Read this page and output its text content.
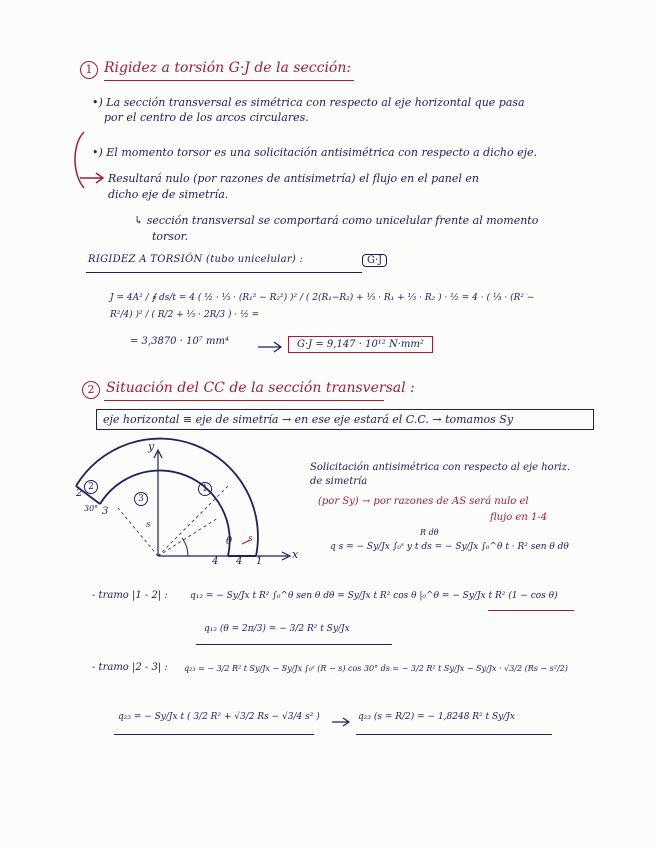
1 Rigidez a torsión G·J de la sección:
•) La sección transversal es simétrica con respecto al eje horizontal que pasa
por el centro de los arcos circulares.
•) El momento torsor es una solicitación antisimétrica con respecto a dicho eje.
Resultará nulo (por razones de antisimetría) el flujo en el panel en
dicho eje de simetría.
↳ sección transversal se comportará como unicelular frente al momento
torsor.
RIGIDEZ A TORSIÓN (tubo unicelular) :	G·J
J = 4A² / ∮ ds/t = 4 ( ½ · ⅓ · (R₁² − R₂²) )² / ( 2(R₁−R₂) + ⅓ · R₁ + ⅓ · R₂ ) · ½ = 4 · ( ⅓ · (R² − R²/4) )² / ( R/2 + ⅓ · 2R/3 ) · ½ =
= 3,3870 · 10⁷ mm⁴	G·J = 9,147 · 10¹² N·mm²
2 Situación del CC de la sección transversal :
eje horizontal ≡ eje de simetría → en ese eje estará el C.C. → tomamos Sy
y
x
1
4
4
2
3
30°
θ s
s
1
2
3
Solicitación antisimétrica con respecto al eje horiz.
de simetría
(por Sy) → por razones de AS será nulo el
flujo en 1-4
R dθ
q s = − Sy/Jx ∫₀ˢ y t ds = − Sy/Jx ∫₀^θ t · R² sen θ dθ
- tramo |1 - 2| : q₁₂ = − Sy/Jx t R² ∫₀^θ sen θ dθ = Sy/Jx t R² cos θ |₀^θ = − Sy/Jx t R² (1 − cos θ)
q₁₂ (θ = 2π/3) = − 3/2 R² t Sy/Jx
- tramo |2 - 3| : q₂₃ = − 3/2 R² t Sy/Jx − Sy/Jx ∫₀ˢ (R − s) cos 30° ds = − 3/2 R² t Sy/Jx − Sy/Jx · √3/2 (Rs − s²/2)
q₂₃ = − Sy/Jx t ( 3/2 R² + √3/2 Rs − √3/4 s² )	q₂₃ (s = R/2) = − 1,8248 R² t Sy/Jx
